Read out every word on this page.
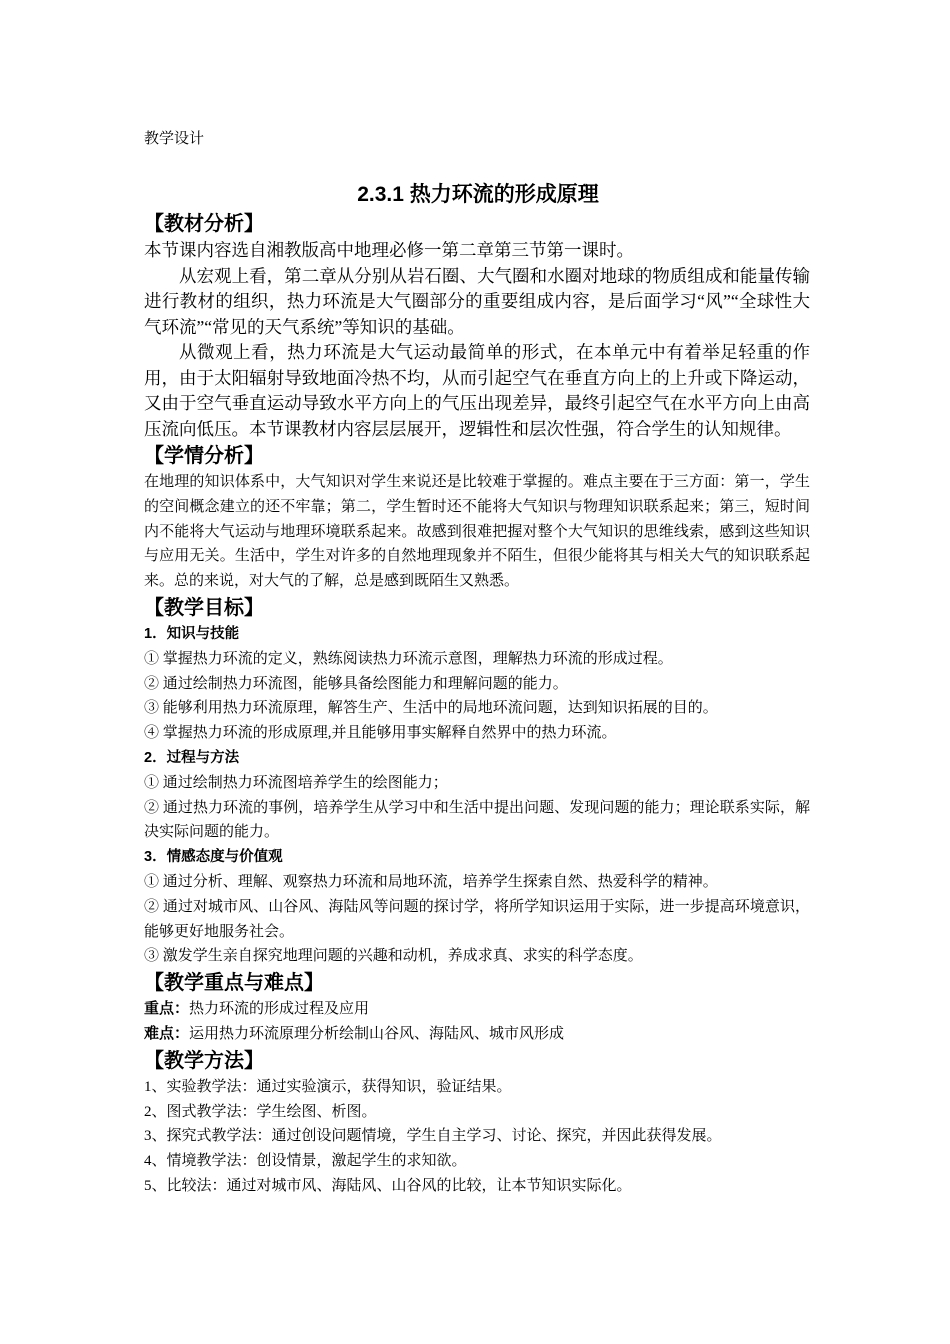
教学设计

2.3.1 热力环流的形成原理
【教材分析】

本节课内容选自湘教版高中地理必修一第二章第三节第一课时。

从宏观上看，第二章从分别从岩石圈、大气圈和水圈对地球的物质组成和能量传输进行教材的组织，热力环流是大气圈部分的重要组成内容，是后面学习“风”“全球性大气环流”“常见的天气系统”等知识的基础。

从微观上看，热力环流是大气运动最简单的形式，在本单元中有着举足轻重的作用，由于太阳辐射导致地面冷热不均，从而引起空气在垂直方向上的上升或下降运动，又由于空气垂直运动导致水平方向上的气压出现差异，最终引起空气在水平方向上由高压流向低压。本节课教材内容层层展开，逻辑性和层次性强，符合学生的认知规律。

【学情分析】

在地理的知识体系中，大气知识对学生来说还是比较难于掌握的。难点主要在于三方面：第一，学生的空间概念建立的还不牢靠；第二，学生暂时还不能将大气知识与物理知识联系起来；第三，短时间内不能将大气运动与地理环境联系起来。故感到很难把握对整个大气知识的思维线索，感到这些知识与应用无关。生活中，学生对许多的自然地理现象并不陌生，但很少能将其与相关大气的知识联系起来。总的来说，对大气的了解，总是感到既陌生又熟悉。

【教学目标】

1．知识与技能

① 掌握热力环流的定义，熟练阅读热力环流示意图，理解热力环流的形成过程。

② 通过绘制热力环流图，能够具备绘图能力和理解问题的能力。

③ 能够利用热力环流原理，解答生产、生活中的局地环流问题，达到知识拓展的目的。

④ 掌握热力环流的形成原理,并且能够用事实解释自然界中的热力环流。

2．过程与方法

① 通过绘制热力环流图培养学生的绘图能力；

② 通过热力环流的事例，培养学生从学习中和生活中提出问题、发现问题的能力；理论联系实际，解决实际问题的能力。

3．情感态度与价值观

① 通过分析、理解、观察热力环流和局地环流，培养学生探索自然、热爱科学的精神。

② 通过对城市风、山谷风、海陆风等问题的探讨学，将所学知识运用于实际，进一步提高环境意识，能够更好地服务社会。

③ 激发学生亲自探究地理问题的兴趣和动机，养成求真、求实的科学态度。

【教学重点与难点】

重点：热力环流的形成过程及应用

难点：运用热力环流原理分析绘制山谷风、海陆风、城市风形成

【教学方法】

1、实验教学法：通过实验演示，获得知识，验证结果。

2、图式教学法：学生绘图、析图。

3、探究式教学法：通过创设问题情境，学生自主学习、讨论、探究，并因此获得发展。

4、情境教学法：创设情景，激起学生的求知欲。

5、比较法：通过对城市风、海陆风、山谷风的比较，让本节知识实际化。
